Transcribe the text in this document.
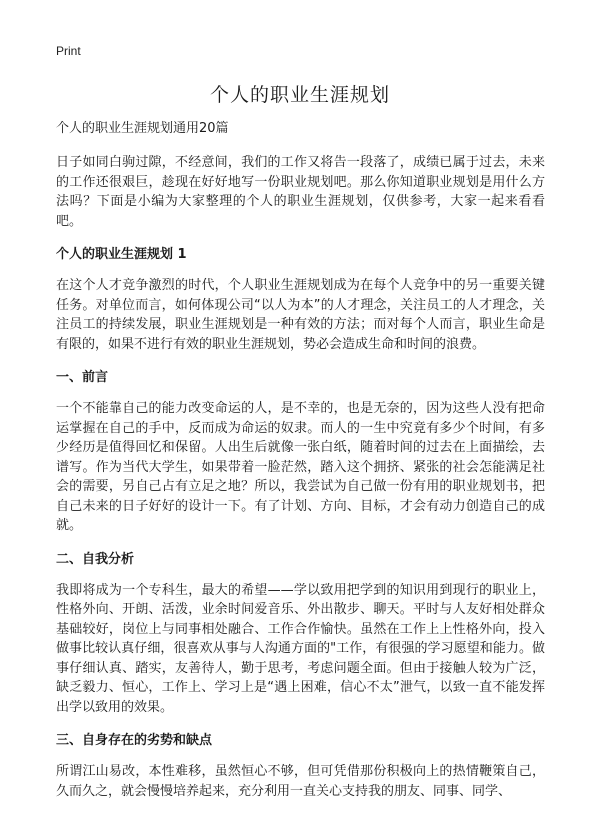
Print
个人的职业生涯规划
个人的职业生涯规划通用20篇

日子如同白驹过隙，不经意间，我们的工作又将告一段落了，成绩已属于过去，未来的工作还很艰巨，趁现在好好地写一份职业规划吧。那么你知道职业规划是用什么方法吗？下面是小编为大家整理的个人的职业生涯规划，仅供参考，大家一起来看看吧。

个人的职业生涯规划 1

在这个人才竞争激烈的时代，个人职业生涯规划成为在每个人竞争中的另一重要关键任务。对单位而言，如何体现公司“以人为本”的人才理念，关注员工的人才理念，关注员工的持续发展，职业生涯规划是一种有效的方法；而对每个人而言，职业生命是有限的，如果不进行有效的职业生涯规划，势必会造成生命和时间的浪费。

一、前言

一个不能靠自己的能力改变命运的人，是不幸的，也是无奈的，因为这些人没有把命运掌握在自己的手中，反而成为命运的奴隶。而人的一生中究竟有多少个时间，有多少经历是值得回忆和保留。人出生后就像一张白纸，随着时间的过去在上面描绘，去谱写。作为当代大学生，如果带着一脸茫然，踏入这个拥挤、紧张的社会怎能满足社会的需要，另自己占有立足之地？所以，我尝试为自己做一份有用的职业规划书，把自己未来的日子好好的设计一下。有了计划、方向、目标，才会有动力创造自己的成就。

二、自我分析

我即将成为一个专科生，最大的希望——学以致用把学到的知识用到现行的职业上，性格外向、开朗、活泼，业余时间爱音乐、外出散步、聊天。平时与人友好相处群众基础较好，岗位上与同事相处融合、工作合作愉快。虽然在工作上上性格外向，投入做事比较认真仔细，很喜欢从事与人沟通方面的"工作，有很强的学习愿望和能力。做事仔细认真、踏实，友善待人，勤于思考，考虑问题全面。但由于接触人较为广泛，缺乏毅力、恒心，工作上、学习上是“遇上困难，信心不太”泄气，以致一直不能发挥出学以致用的效果。

三、自身存在的劣势和缺点

所谓江山易改，本性难移，虽然恒心不够，但可凭借那份积极向上的热情鞭策自己，久而久之，就会慢慢培养起来，充分利用一直关心支持我的朋友、同事、同学、
